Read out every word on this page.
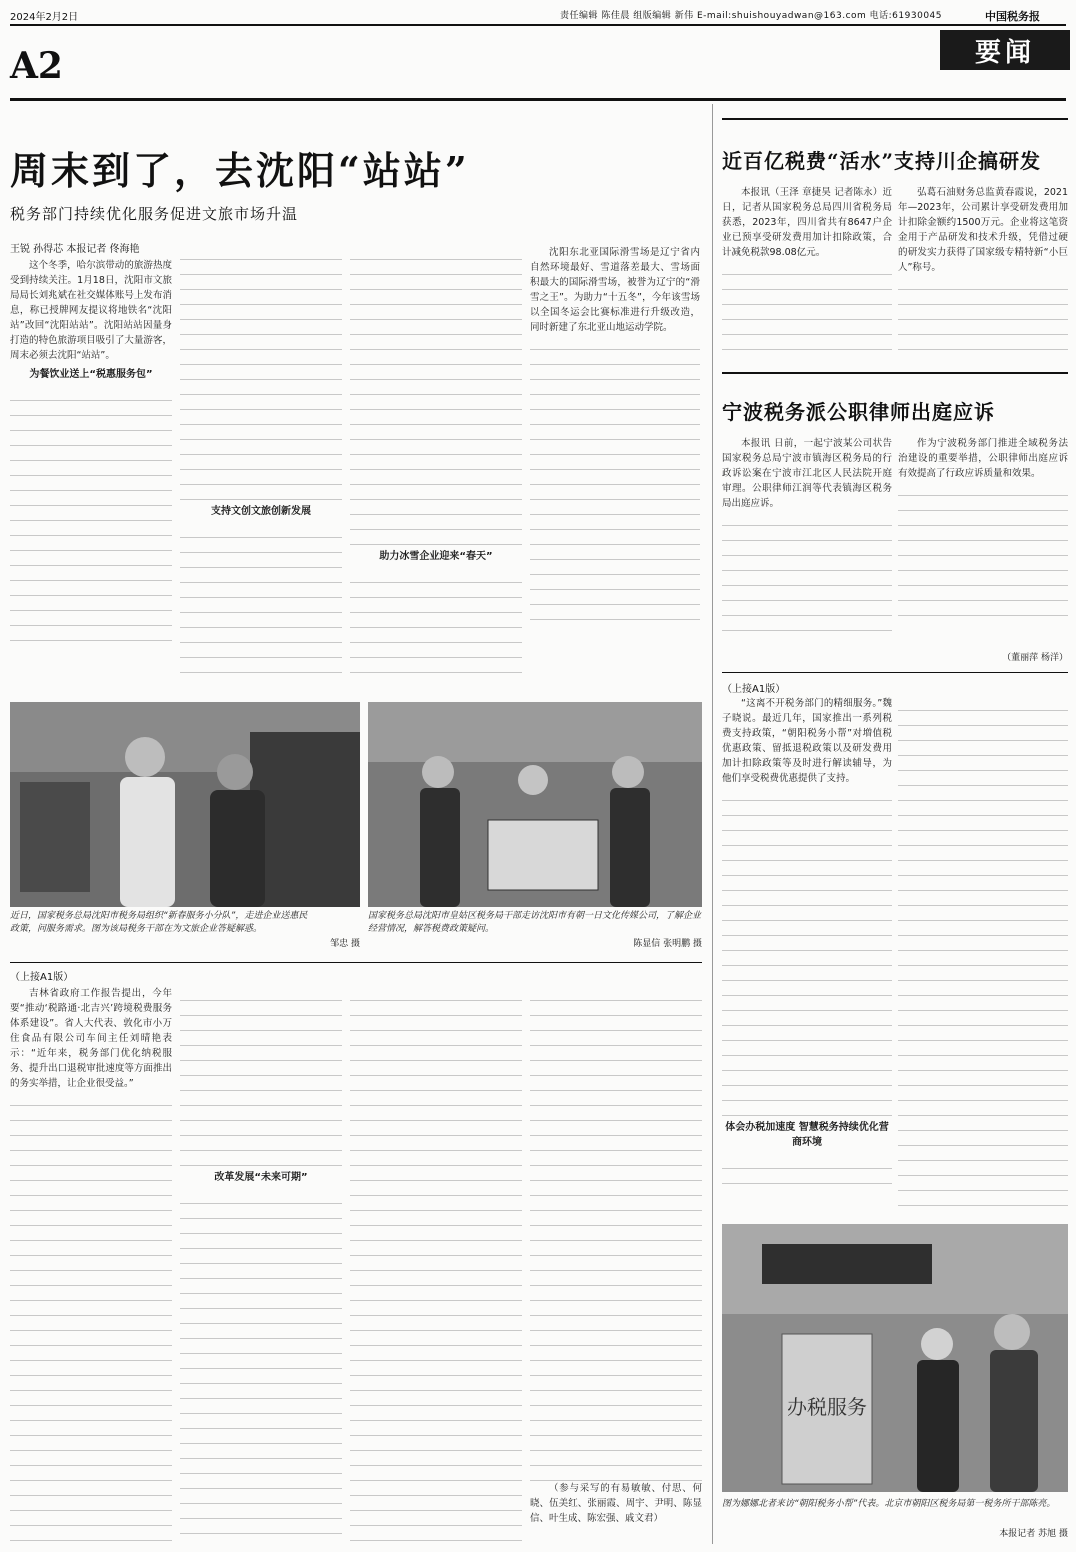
2024年2月2日	责任编辑 陈佳晨 组版编辑 新伟 E-mail:shuishouyadwan@163.com 电话:61930045	中国税务报
A2	要闻
周末到了，去沈阳“站站”
税务部门持续优化服务促进文旅市场升温
王锐 孙得芯 本报记者 佟海艳

这个冬季，哈尔滨带动的旅游热度受到持续关注。1月18日，沈阳市文旅局局长刘兆斌在社交媒体账号上发布消息，称已授牌网友提议将地铁名“沈阳站”改回“沈阳站站”。沈阳站站因量身打造的特色旅游项目吸引了大量游客，周末必须去沈阳“站站”。

为餐饮业送上“税惠服务包”

支持文创文旅创新发展

助力冰雪企业迎来“春天”

沈阳东北亚国际滑雪场是辽宁省内自然环境最好、雪道落差最大、雪场面积最大的国际滑雪场，被誉为辽宁的“滑雪之王”。为助力“十五冬”，今年该雪场以全国冬运会比赛标准进行升级改造，同时新建了东北亚山地运动学院。

近日，国家税务总局沈阳市税务局组织“新春服务小分队”，走进企业送惠民政策，问服务需求。图为该局税务干部在为文旅企业答疑解惑。
邹忠 摄
国家税务总局沈阳市皇姑区税务局干部走访沈阳市有朝一日文化传媒公司，了解企业经营情况，解答税费政策疑问。
陈显信 张明鹏 摄
近百亿税费“活水”支持川企搞研发

本报讯（王泽 章捷昊 记者陈永）近日，记者从国家税务总局四川省税务局获悉，2023年，四川省共有8647户企业已预享受研发费用加计扣除政策，合计减免税款98.08亿元。

弘葛石油财务总监黄春霞说，2021年—2023年，公司累计享受研发费用加计扣除金额约1500万元。企业将这笔资金用于产品研发和技术升级，凭借过硬的研发实力获得了国家级专精特新“小巨人”称号。

宁波税务派公职律师出庭应诉

本报讯 日前，一起宁波某公司状告国家税务总局宁波市镇海区税务局的行政诉讼案在宁波市江北区人民法院开庭审理。公职律师江润等代表镇海区税务局出庭应诉。

作为宁波税务部门推进全域税务法治建设的重要举措，公职律师出庭应诉有效提高了行政应诉质量和效果。

（董丽萍 杨洋）
（上接A1版）

“这离不开税务部门的精细服务。”魏子晓说。最近几年，国家推出一系列税费支持政策，“朝阳税务小帮”对増值税优惠政策、留抵退税政策以及研发费用加计扣除政策等及时进行解读辅导，为他们享受税费优惠提供了支持。

体会办税加速度 智慧税务持续优化营商环境

办税服务
图为娜娜北者来访“朝阳税务小帮”代表。北京市朝阳区税务局第一税务所干部陈亮。
本报记者 苏旭 摄
（上接A1版）

吉林省政府工作报告提出，今年要“推动‘税路通·北吉兴’跨境税费服务体系建设”。省人大代表、敦化市小万住食品有限公司车间主任刘晴艳表示：“近年来，税务部门优化纳税服务、提升出口退税审批速度等方面推出的务实举措，让企业很受益。”

改革发展“未来可期”

（参与采写的有易敏敏、付思、何晓、伍美红、张丽霞、周宇、尹明、陈显信、叶生成、陈宏强、戚文君）
